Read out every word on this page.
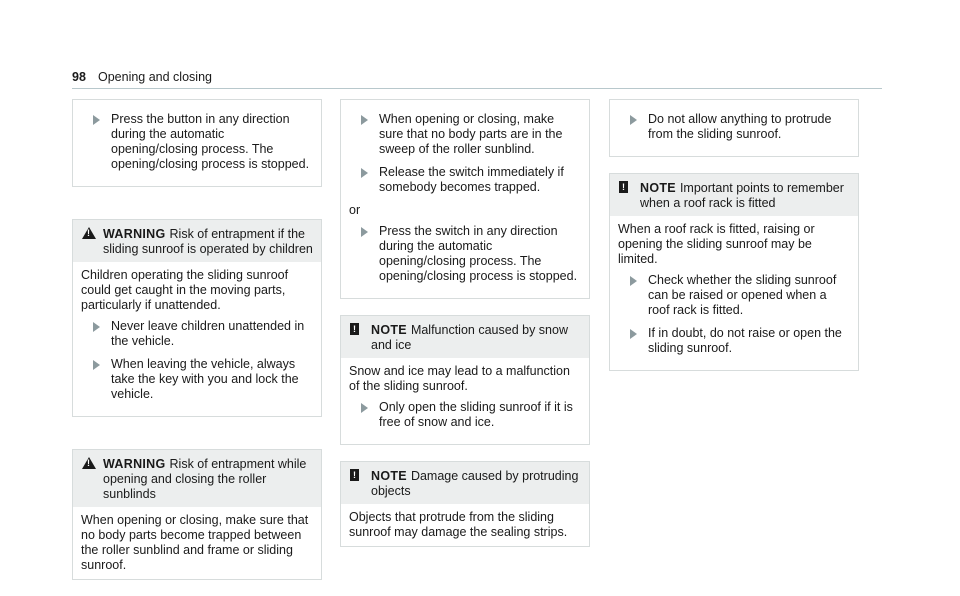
98 Opening and closing
Press the button in any direction during the automatic opening/closing process. The opening/closing process is stopped.
!
WARNING Risk of entrapment if the sliding sunroof is operated by children

Children operating the sliding sunroof could get caught in the moving parts, particularly if unattended.

Never leave children unattended in the vehicle.
When leaving the vehicle, always take the key with you and lock the vehicle.
!
WARNING Risk of entrapment while opening and closing the roller sunblinds

When opening or closing, make sure that no body parts become trapped between the roller sunblind and frame or sliding sunroof.

When opening or closing, make sure that no body parts are in the sweep of the roller sunblind.
Release the switch immediately if somebody becomes trapped.

or

Press the switch in any direction during the automatic opening/closing process. The opening/closing process is stopped.
! NOTE Malfunction caused by snow and ice

Snow and ice may lead to a malfunction of the sliding sunroof.

Only open the sliding sunroof if it is free of snow and ice.
! NOTE Damage caused by protruding objects

Objects that protrude from the sliding sunroof may damage the sealing strips.

Do not allow anything to protrude from the sliding sunroof.
! NOTE Important points to remember when a roof rack is fitted

When a roof rack is fitted, raising or opening the sliding sunroof may be limited.

Check whether the sliding sunroof can be raised or opened when a roof rack is fitted.
If in doubt, do not raise or open the sliding sunroof.
